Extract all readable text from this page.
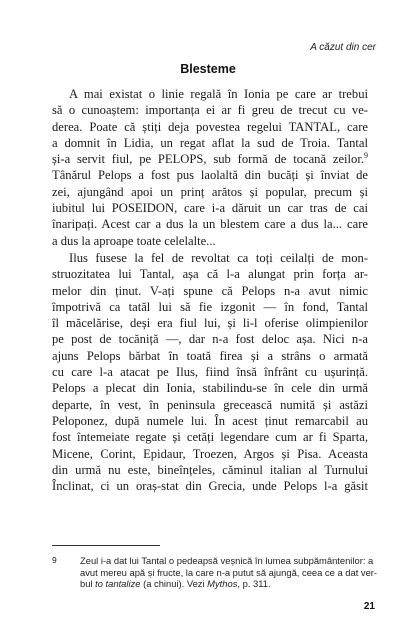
A căzut din cer
Blesteme
A mai existat o linie regală în Ionia pe care ar trebui
să o cunoaștem: importanța ei ar fi greu de trecut cu ve-
derea. Poate că știți deja povestea regelui TANTAL, care
a domnit în Lidia, un regat aflat la sud de Troia. Tantal
și-a servit fiul, pe PELOPS, sub formă de tocană zeilor.$^9$
Tânărul Pelops a fost pus laolaltă din bucăți și înviat de
zei, ajungând apoi un prinț arătos și popular, precum și
iubitul lui POSEIDON, care i-a dăruit un car tras de cai
înaripați. Acest car a dus la un blestem care a dus la... care
a dus la aproape toate celelalte...
Ilus fusese la fel de revoltat ca toți ceilalți de mon-
struozitatea lui Tantal, așa că l-a alungat prin forța ar-
melor din ținut. V-ați spune că Pelops n-a avut nimic
împotrivă ca tatăl lui să fie izgonit — în fond, Tantal
îl măcelărise, deși era fiul lui, și li-l oferise olimpienilor
pe post de tocăniță —, dar n-a fost deloc așa. Nici n-a
ajuns Pelops bărbat în toată firea și a strâns o armată
cu care l-a atacat pe Ilus, fiind însă înfrânt cu ușurință.
Pelops a plecat din Ionia, stabilindu-se în cele din urmă
departe, în vest, în peninsula grecească numită și astăzi
Peloponez, după numele lui. În acest ținut remarcabil au
fost întemeiate regate și cetăți legendare cum ar fi Sparta,
Micene, Corint, Epidaur, Troezen, Argos și Pisa. Aceasta
din urmă nu este, bineînțeles, căminul italian al Turnului
Înclinat, ci un oraș-stat din Grecia, unde Pelops l-a găsit
9 Zeul i-a dat lui Tantal o pedeapsă veșnică în lumea subpământenilor: a
avut mereu apă și fructe, la care n-a putut să ajungă, ceea ce a dat ver-
bul to tantalize (a chinui). Vezi Mythos, p. 311.
21
